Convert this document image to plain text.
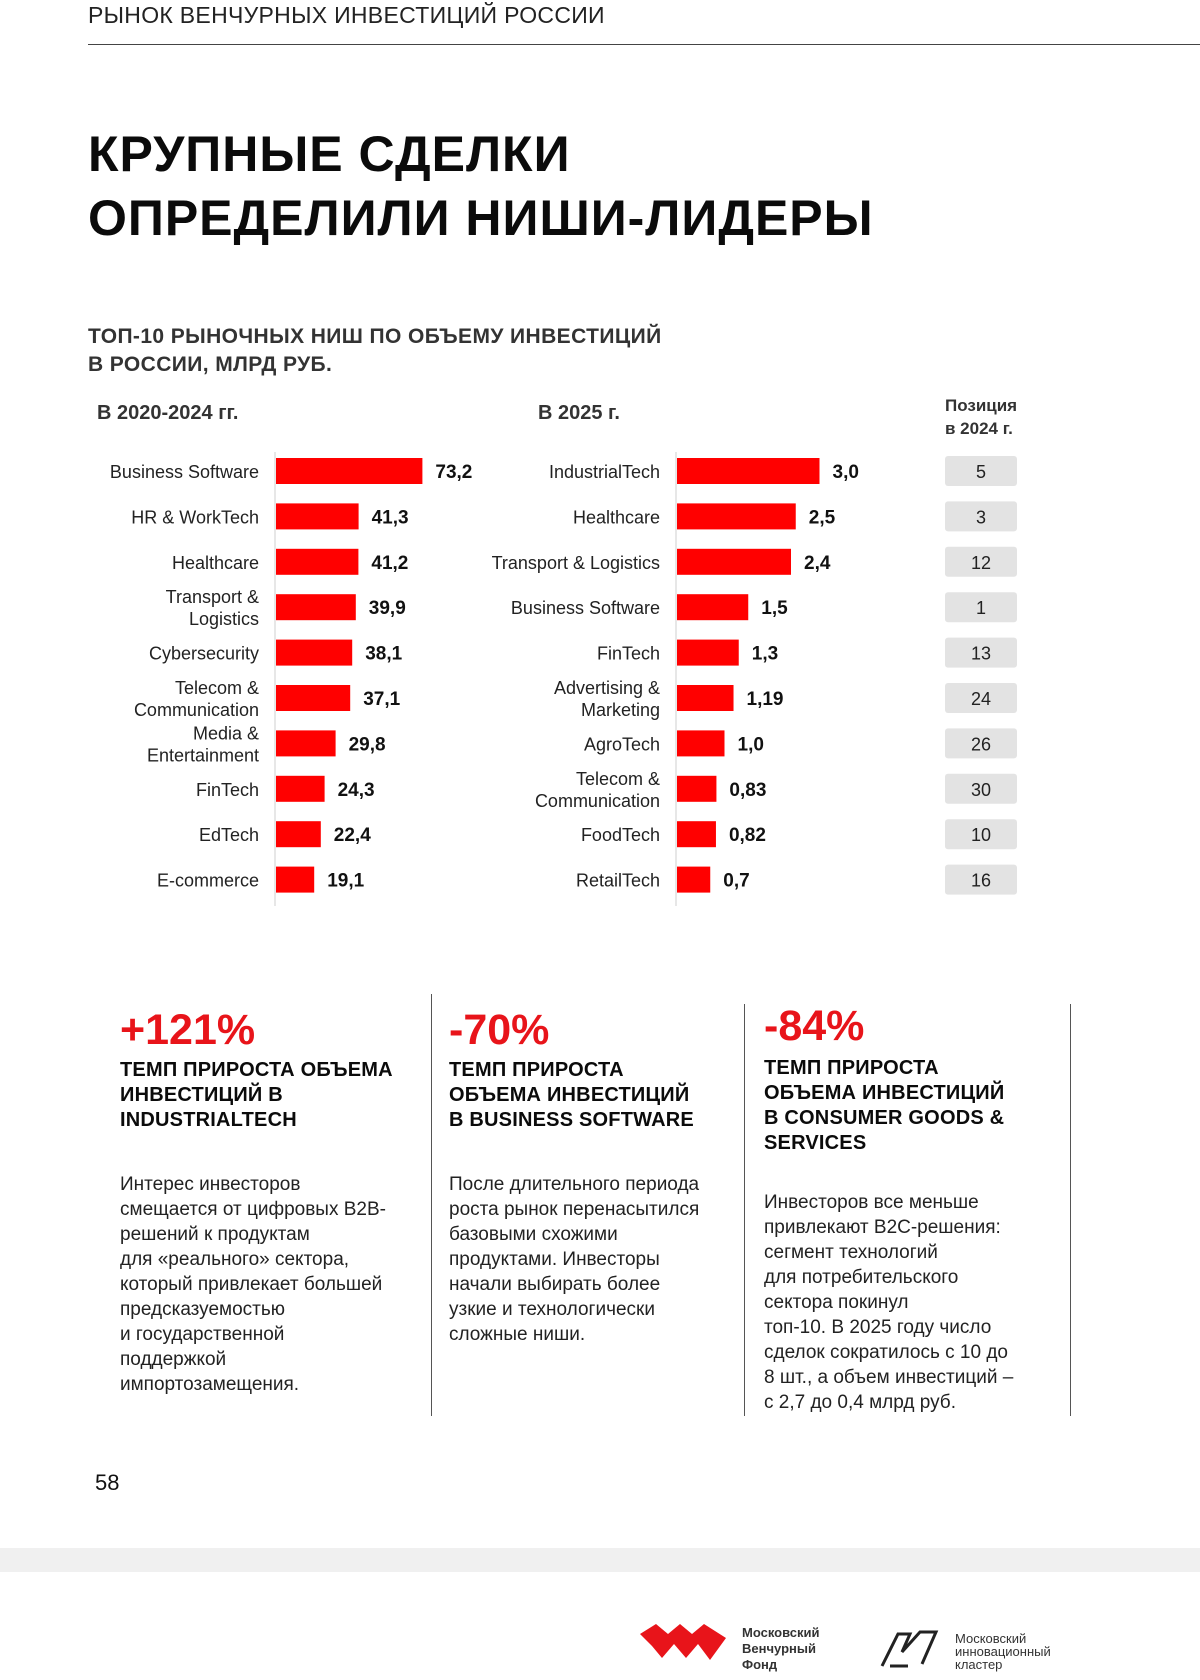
РЫНОК ВЕНЧУРНЫХ ИНВЕСТИЦИЙ РОССИИ
КРУПНЫЕ СДЕЛКИ
ОПРЕДЕЛИЛИ НИШИ-ЛИДЕРЫ
ТОП-10 РЫНОЧНЫХ НИШ ПО ОБЪЕМУ ИНВЕСТИЦИЙ
В РОССИИ, МЛРД РУБ.
В 2020-2024 гг.	В 2025 г.	Позиция
в 2024 г.
73,2
Business Software
41,3
HR & WorkTech
41,2
Healthcare
39,9
Transport &
Logistics
38,1
Cybersecurity
37,1
Telecom &
Communication
29,8
Media &
Entertainment
24,3
FinTech
22,4
EdTech
19,1
E-commerce
3,0
IndustrialTech
2,5
Healthcare
2,4
Transport & Logistics
1,5
Business Software
1,3
FinTech
1,19
Advertising &
Marketing
1,0
AgroTech
0,83
Telecom &
Communication
0,82
FoodTech
0,7
RetailTech
5
3
12
1
13
24
26
30
10
16
+121%
ТЕМП ПРИРОСТА ОБЪЕМА
ИНВЕСТИЦИЙ В
INDUSTRIALTECH
Интерес инвесторов
смещается от цифровых B2B-
решений к продуктам
для «реального» сектора,
который привлекает большей
предсказуемостью
и государственной
поддержкой
импортозамещения.
-70%
ТЕМП ПРИРОСТА
ОБЪЕМА ИНВЕСТИЦИЙ
В BUSINESS SOFTWARE
После длительного периода
роста рынок перенасытился
базовыми схожими
продуктами. Инвесторы
начали выбирать более
узкие и технологически
сложные ниши.
-84%
ТЕМП ПРИРОСТА
ОБЪЕМА ИНВЕСТИЦИЙ
В CONSUMER GOODS &
SERVICES
Инвесторов все меньше
привлекают B2C-решения:
сегмент технологий
для потребительского
сектора покинул
топ-10. В 2025 году число
сделок сократилось с 10 до
8 шт., а объем инвестиций –
с 2,7 до 0,4 млрд руб.
58
Московский
Венчурный
Фонд
Московский
инновационный
кластер
